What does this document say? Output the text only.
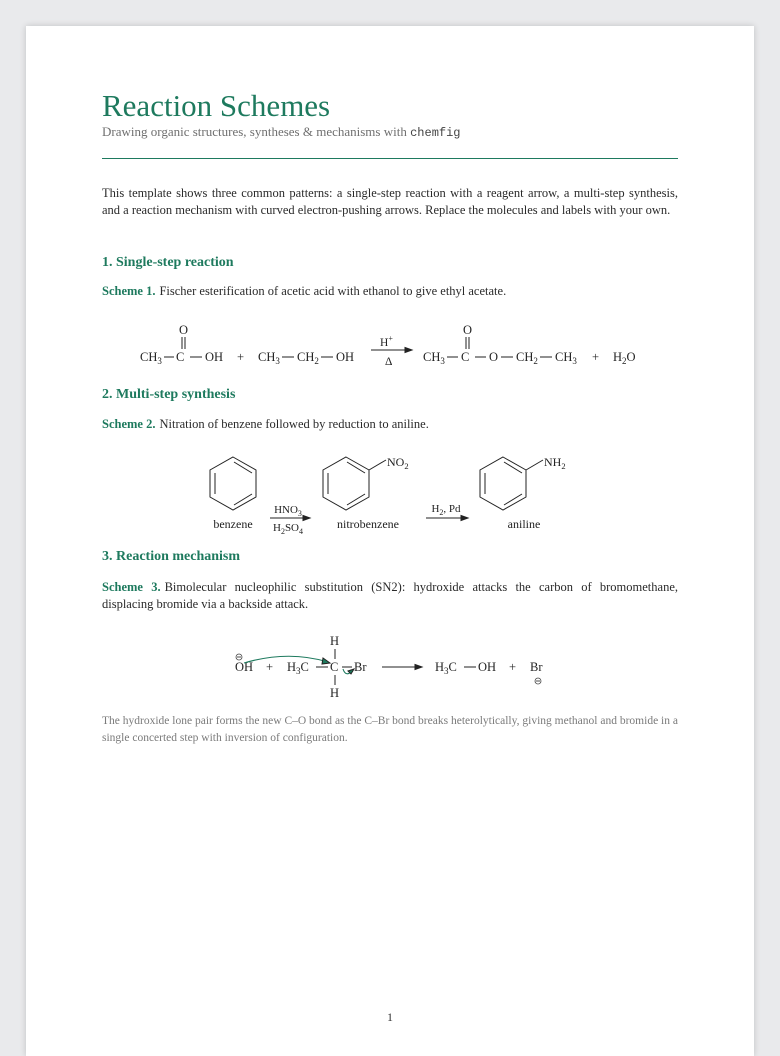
Reaction Schemes
Drawing organic structures, syntheses & mechanisms with chemfig

This template shows three common patterns: a single-step reaction with a reagent arrow, a multi-step synthesis, and a reaction mechanism with curved electron-pushing arrows. Replace the molecules and labels with your own.

1. Single-step reaction

Scheme 1. Fischer esterification of acetic acid with ethanol to give ethyl acetate.

$CH_3$ C
O
OH + $CH_3$ $CH_2$ OH
H+
Δ $CH_3$ C
O
O $CH_2$ $CH_3 + H_2O$
2. Multi-step synthesis

Scheme 2. Nitration of benzene followed by reduction to aniline.

benzene
$HNO_3$
$H_2SO_4$
$NO_2$
nitrobenzene
$H_2$, Pd
$NH_2$
aniline
3. Reaction mechanism

Scheme 3. Bimolecular nucleophilic substitution (SN2): hydroxide attacks the carbon of bromomethane, displacing bromide via a backside attack.

OH + $H_3C$ C
H
H
Br	$H_3C$ OH + Br

The hydroxide lone pair forms the new C–O bond as the C–Br bond breaks heterolytically, giving methanol and bromide in a single concerted step with inversion of configuration.

1
